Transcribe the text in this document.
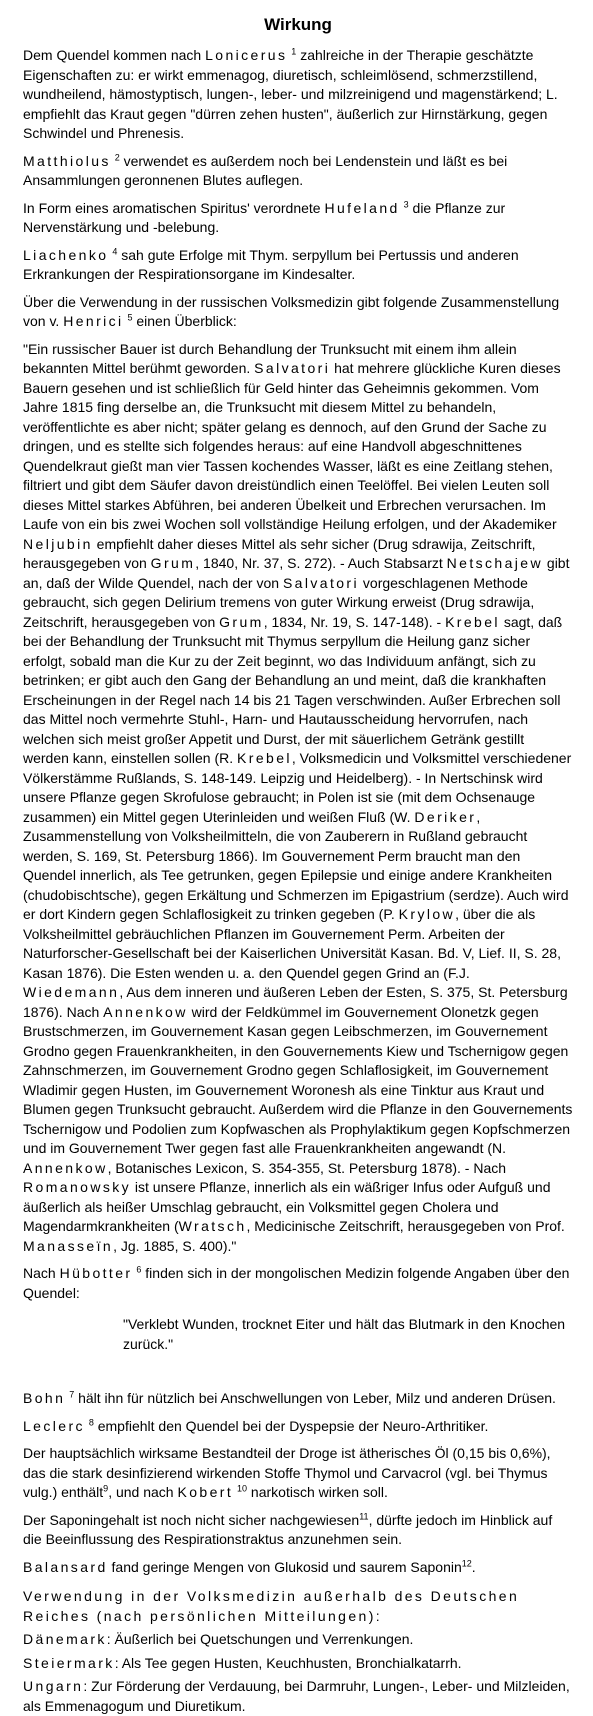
Wirkung

Dem Quendel kommen nach Lonicerus $^1$ zahlreiche in der Therapie geschätzte Eigenschaften zu: er wirkt emmenagog, diuretisch, schleimlösend, schmerzstillend, wundheilend, hämostyptisch, lungen-, leber- und milzreinigend und magenstärkend; L. empfiehlt das Kraut gegen "dürren zehen husten", äußerlich zur Hirnstärkung, gegen Schwindel und Phrenesis.

Matthiolus $^2$ verwendet es außerdem noch bei Lendenstein und läßt es bei Ansammlungen geronnenen Blutes auflegen.

In Form eines aromatischen Spiritus' verordnete Hufeland $^3$ die Pflanze zur Nervenstärkung und -belebung.

Liachenko $^4$ sah gute Erfolge mit Thym. serpyllum bei Pertussis und anderen Erkrankungen der Respirationsorgane im Kindesalter.

Über die Verwendung in der russischen Volksmedizin gibt folgende Zusammenstellung von v. Henrici $^5$ einen Überblick:

"Ein russischer Bauer ist durch Behandlung der Trunksucht mit einem ihm allein bekannten Mittel berühmt geworden. Salvatori hat mehrere glückliche Kuren dieses Bauern gesehen und ist schließlich für Geld hinter das Geheimnis gekommen. Vom Jahre 1815 fing derselbe an, die Trunksucht mit diesem Mittel zu behandeln, veröffentlichte es aber nicht; später gelang es dennoch, auf den Grund der Sache zu dringen, und es stellte sich folgendes heraus: auf eine Handvoll abgeschnittenes Quendelkraut gießt man vier Tassen kochendes Wasser, läßt es eine Zeitlang stehen, filtriert und gibt dem Säufer davon dreistündlich einen Teelöffel. Bei vielen Leuten soll dieses Mittel starkes Abführen, bei anderen Übelkeit und Erbrechen verursachen. Im Laufe von ein bis zwei Wochen soll vollständige Heilung erfolgen, und der Akademiker Neljubin empfiehlt daher dieses Mittel als sehr sicher (Drug sdrawija, Zeitschrift, herausgegeben von Grum, 1840, Nr. 37, S. 272). - Auch Stabsarzt Netschajew gibt an, daß der Wilde Quendel, nach der von Salvatori vorgeschlagenen Methode gebraucht, sich gegen Delirium tremens von guter Wirkung erweist (Drug sdrawija, Zeitschrift, herausgegeben von Grum, 1834, Nr. 19, S. 147-148). - Krebel sagt, daß bei der Behandlung der Trunksucht mit Thymus serpyllum die Heilung ganz sicher erfolgt, sobald man die Kur zu der Zeit beginnt, wo das Individuum anfängt, sich zu betrinken; er gibt auch den Gang der Behandlung an und meint, daß die krankhaften Erscheinungen in der Regel nach 14 bis 21 Tagen verschwinden. Außer Erbrechen soll das Mittel noch vermehrte Stuhl-, Harn- und Hautausscheidung hervorrufen, nach welchen sich meist großer Appetit und Durst, der mit säuerlichem Getränk gestillt werden kann, einstellen sollen (R. Krebel, Volksmedicin und Volksmittel verschiedener Völkerstämme Rußlands, S. 148-149. Leipzig und Heidelberg). - In Nertschinsk wird unsere Pflanze gegen Skrofulose gebraucht; in Polen ist sie (mit dem Ochsenauge zusammen) ein Mittel gegen Uterinleiden und weißen Fluß (W. Deriker, Zusammenstellung von Volksheilmitteln, die von Zauberern in Rußland gebraucht werden, S. 169, St. Petersburg 1866). Im Gouvernement Perm braucht man den Quendel innerlich, als Tee getrunken, gegen Epilepsie und einige andere Krankheiten (chudobischtsche), gegen Erkältung und Schmerzen im Epigastrium (serdze). Auch wird er dort Kindern gegen Schlaflosigkeit zu trinken gegeben (P. Krylow, über die als Volksheilmittel gebräuchlichen Pflanzen im Gouvernement Perm. Arbeiten der Naturforscher-Gesellschaft bei der Kaiserlichen Universität Kasan. Bd. V, Lief. II, S. 28, Kasan 1876). Die Esten wenden u. a. den Quendel gegen Grind an (F.J. Wiedemann, Aus dem inneren und äußeren Leben der Esten, S. 375, St. Petersburg 1876). Nach Annenkow wird der Feldkümmel im Gouvernement Olonetzk gegen Brustschmerzen, im Gouvernement Kasan gegen Leibschmerzen, im Gouvernement Grodno gegen Frauenkrankheiten, in den Gouvernements Kiew und Tschernigow gegen Zahnschmerzen, im Gouvernement Grodno gegen Schlaflosigkeit, im Gouvernement Wladimir gegen Husten, im Gouvernement Woronesh als eine Tinktur aus Kraut und Blumen gegen Trunksucht gebraucht. Außerdem wird die Pflanze in den Gouvernements Tschernigow und Podolien zum Kopfwaschen als Prophylaktikum gegen Kopfschmerzen und im Gouvernement Twer gegen fast alle Frauenkrankheiten angewandt (N. Annenkow, Botanisches Lexicon, S. 354-355, St. Petersburg 1878). - Nach Romanowsky ist unsere Pflanze, innerlich als ein wäßriger Infus oder Aufguß und äußerlich als heißer Umschlag gebraucht, ein Volksmittel gegen Cholera und Magendarmkrankheiten (Wratsch, Medicinische Zeitschrift, herausgegeben von Prof. Manasseïn, Jg. 1885, S. 400)."

Nach Hübotter $^6$ finden sich in der mongolischen Medizin folgende Angaben über den Quendel:

"Verklebt Wunden, trocknet Eiter und hält das Blutmark in den Knochen zurück."

Bohn $^7$ hält ihn für nützlich bei Anschwellungen von Leber, Milz und anderen Drüsen.

Leclerc $^8$ empfiehlt den Quendel bei der Dyspepsie der Neuro-Arthritiker.

Der hauptsächlich wirksame Bestandteil der Droge ist ätherisches Öl (0,15 bis 0,6%), das die stark desinfizierend wirkenden Stoffe Thymol und Carvacrol (vgl. bei Thymus vulg.) enthält$^9$, und nach Kobert $^{10}$ narkotisch wirken soll.

Der Saponingehalt ist noch nicht sicher nachgewiesen$^{11}$, dürfte jedoch im Hinblick auf die Beeinflussung des Respirationstraktus anzunehmen sein.

Balansard fand geringe Mengen von Glukosid und saurem Saponin$^{12}$.

Verwendung in der Volksmedizin außerhalb des Deutschen Reiches (nach persönlichen Mitteilungen):

Dänemark: Äußerlich bei Quetschungen und Verrenkungen.

Steiermark: Als Tee gegen Husten, Keuchhusten, Bronchialkatarrh.

Ungarn: Zur Förderung der Verdauung, bei Darmruhr, Lungen-, Leber- und Milzleiden, als Emmenagogum und Diuretikum.
